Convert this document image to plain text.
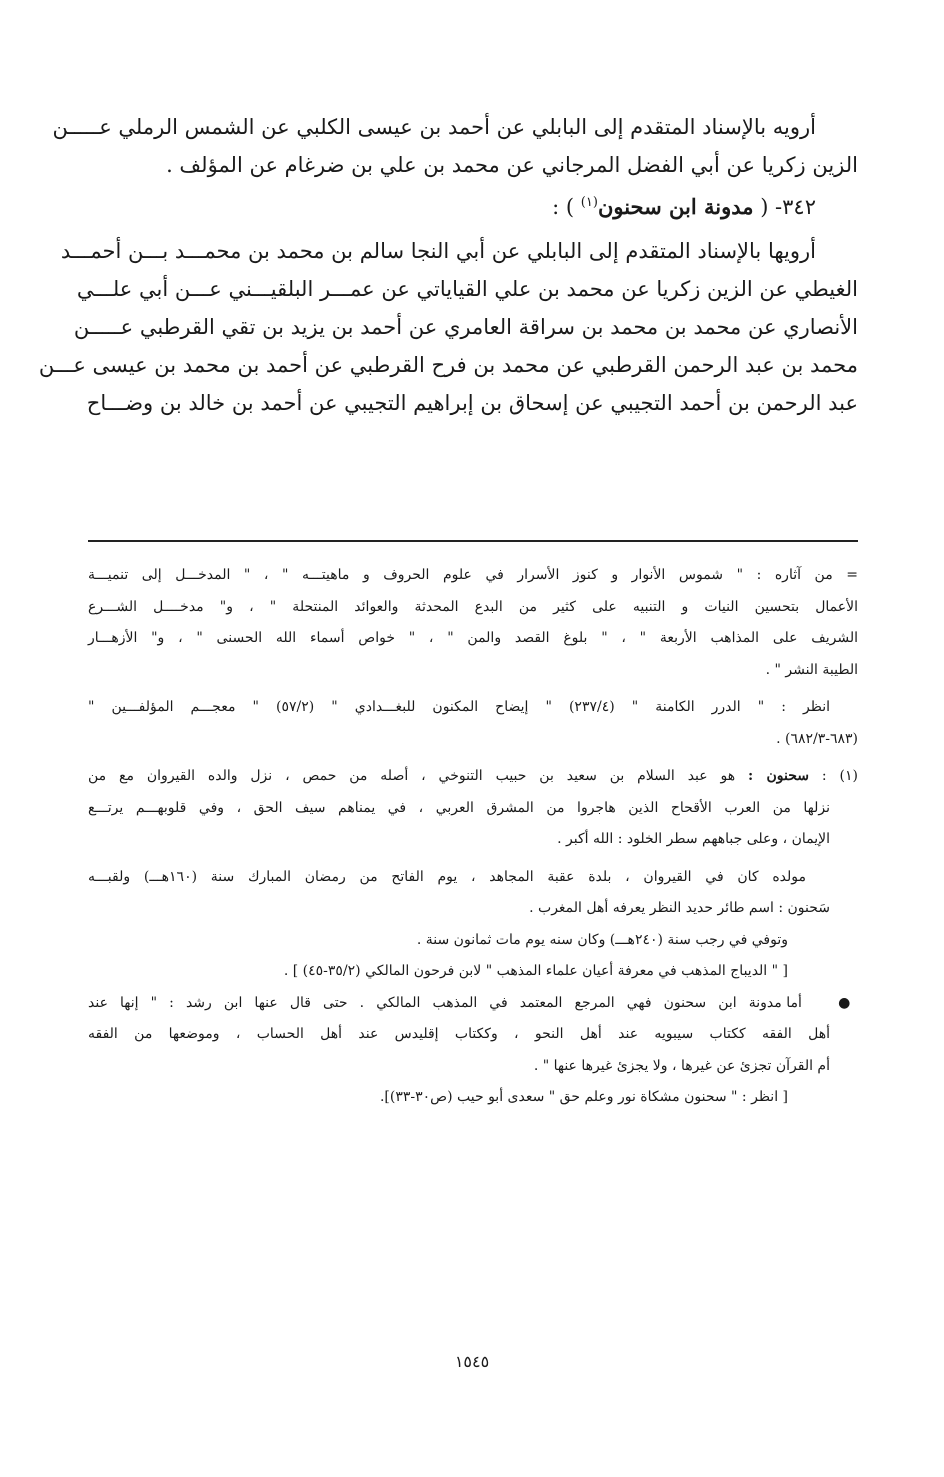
أرويه بالإسناد المتقدم إلى البابلي عن أحمد بن عيسى الكلبي عن الشمس الرملي عـــــن
الزين زكريا عن أبي الفضل المرجاني عن محمد بن علي بن ضرغام عن المؤلف .
٣٤٢- ( مدونة ابن سحنون$^{(١)}$ ) :
أرويها بالإسناد المتقدم إلى البابلي عن أبي النجا سالم بن محمد بن محمـــد بـــن أحمـــد
الغيطي عن الزين زكريا عن محمد بن علي القياياتي عن عمـــر البلقيـــني عـــن أبي علـــي
الأنصاري عن محمد بن محمد بن سراقة العامري عن أحمد بن يزيد بن تقي القرطبي عـــــن
محمد بن عبد الرحمن القرطبي عن محمد بن فرح القرطبي عن أحمد بن محمد بن عيسى عـــن
عبد الرحمن بن أحمد التجيبي عن إسحاق بن إبراهيم التجيبي عن أحمد بن خالد بن وضـــاح
= من آثاره : " شموس الأنوار و كنوز الأسرار في علوم الحروف و ماهيتـــه " ، " المدخـــل إلى تنميـــة
الأعمال بتحسين النيات و التنبيه على كثير من البدع المحدثة والعوائد المنتحلة " ، و" مدخــــل الشـــرع
الشريف على المذاهب الأربعة " ، " بلوغ القصد والمن " ، " خواص أسماء الله الحسنى " ، و" الأزهـــار
الطيبة النشر " .
انظر : " الدرر الكامنة " (٢٣٧/٤) " إيضاح المكنون للبغـــدادي " (٥٧/٢) " معجـــم المؤلفـــين "
(٦٨٣-٦٨٢/٣) .
(١) : سحنون : هو عبد السلام بن سعيد بن حبيب التنوخي ، أصله من حمص ، نزل والده القيروان مع من
نزلها من العرب الأقحاح الذين هاجروا من المشرق العربي ، في يمناهم سيف الحق ، وفي قلوبهـــم يرتـــع
الإيمان ، وعلى جباههم سطر الخلود : الله أكبر .
مولده كان في القيروان ، بلدة عقبة المجاهد ، يوم الفاتح من رمضان المبارك سنة (١٦٠هـــ) ولقبـــه
سَحنون : اسم طائر حديد النظر يعرفه أهل المغرب .
وتوفي في رجب سنة (٢٤٠هـــ) وكان سنه يوم مات ثمانون سنة .
[ " الديباج المذهب في معرفة أعيان علماء المذهب " لابن فرحون المالكي (٣٥/٢-٤٥) ] .
●   أما مدونة ابن سحنون فهي المرجع المعتمد في المذهب المالكي . حتى قال عنها ابن رشد : " إنها عند
أهل الفقه ككتاب سيبويه عند أهل النحو ، وككتاب إقليدس عند أهل الحساب ، وموضعها من الفقه
أم القرآن تجزئ عن غيرها ، ولا يجزئ غيرها عنها " .
[ انظر : " سحنون مشكاة نور وعلم حق " سعدى أبو حيب (ص٣٠-٣٣)].
١٥٤٥
